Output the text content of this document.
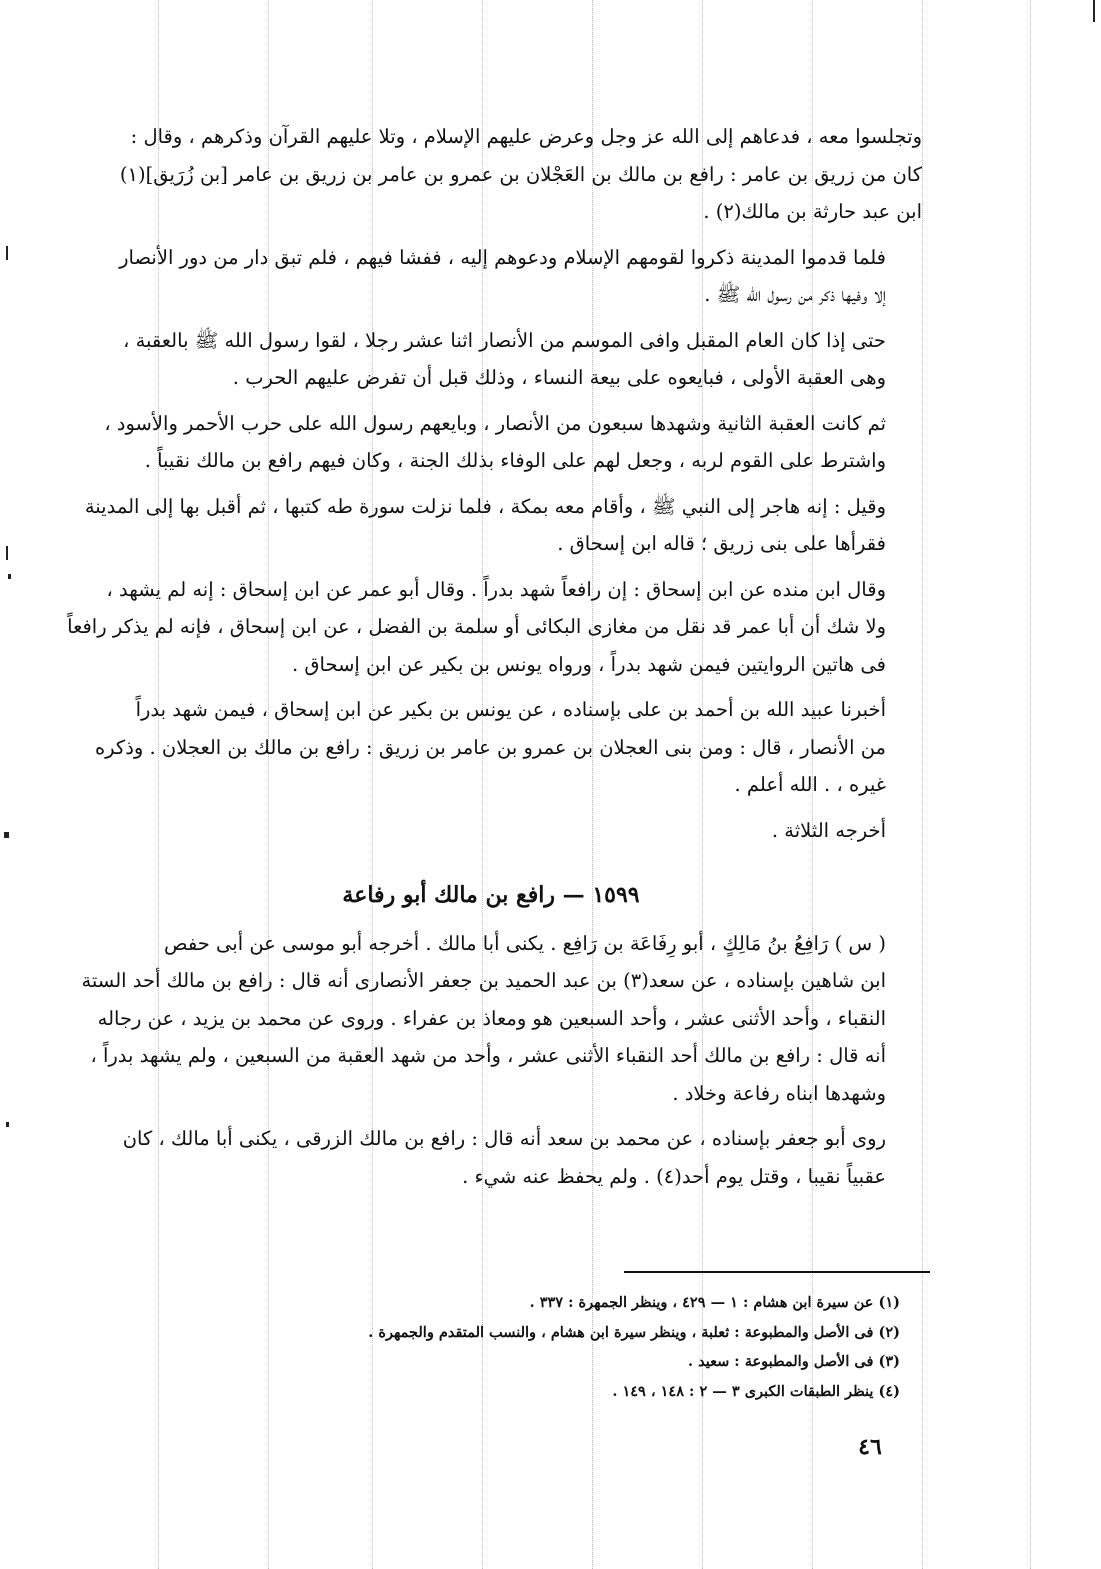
وتجلسوا معه ، فدعاهم إلى الله عز وجل وعرض عليهم الإسلام ، وتلا عليهم القرآن وذكرهم ، وقال :
كان من زريق بن عامر : رافع بن مالك بن العَجْلان بن عمرو بن عامر بن زريق بن عامر [بن زُرَيق](١)
ابن عبد حارثة بن مالك(٢) .

فلما قدموا المدينة ذكروا لقومهم الإسلام ودعوهم إليه ، ففشا فيهم ، فلم تبق دار من دور الأنصار
إلا وفيها ذكر من رسول الله ﷺ .

حتى إذا كان العام المقبل وافى الموسم من الأنصار اثنا عشر رجلا ، لقوا رسول الله ﷺ بالعقبة ،
وهى العقبة الأولى ، فبايعوه على بيعة النساء ، وذلك قبل أن تفرض عليهم الحرب .

ثم كانت العقبة الثانية وشهدها سبعون من الأنصار ، وبايعهم رسول الله على حرب الأحمر والأسود ،
واشترط على القوم لربه ، وجعل لهم على الوفاء بذلك الجنة ، وكان فيهم رافع بن مالك نقيباً .

وقيل : إنه هاجر إلى النبي ﷺ ، وأقام معه بمكة ، فلما نزلت سورة طه كتبها ، ثم أقبل بها إلى المدينة
فقرأها على بنى زريق ؛ قاله ابن إسحاق .

وقال ابن منده عن ابن إسحاق : إن رافعاً شهد بدراً . وقال أبو عمر عن ابن إسحاق : إنه لم يشهد ،
ولا شك أن أبا عمر قد نقل من مغازى البكائى أو سلمة بن الفضل ، عن ابن إسحاق ، فإنه لم يذكر رافعاً
فى هاتين الروايتين فيمن شهد بدراً ، ورواه يونس بن بكير عن ابن إسحاق .

أخبرنا عبيد الله بن أحمد بن على بإسناده ، عن يونس بن بكير عن ابن إسحاق ، فيمن شهد بدراً
من الأنصار ، قال : ومن بنى العجلان بن عمرو بن عامر بن زريق : رافع بن مالك بن العجلان . وذكره
غيره ، . الله أعلم .

أخرجه الثلاثة .

١٥٩٩ — رافع بن مالك أبو رفاعة

( س ) رَافِعُ بنُ مَالِكٍ ، أبو رِفَاعَة بن رَافِع . يكنى أبا مالك . أخرجه أبو موسى عن أبى حفص
ابن شاهين بإسناده ، عن سعد(٣) بن عبد الحميد بن جعفر الأنصارى أنه قال : رافع بن مالك أحد الستة
النقباء ، وأحد الأثنى عشر ، وأحد السبعين هو ومعاذ بن عفراء . وروى عن محمد بن يزيد ، عن رجاله
أنه قال : رافع بن مالك أحد النقباء الأثنى عشر ، وأحد من شهد العقبة من السبعين ، ولم يشهد بدراً ،
وشهدها ابناه رفاعة وخلاد .

روى أبو جعفر بإسناده ، عن محمد بن سعد أنه قال : رافع بن مالك الزرقى ، يكنى أبا مالك ، كان
عقبياً نقيبا ، وقتل يوم أحد(٤) . ولم يحفظ عنه شيء .

(١) عن سيرة ابن هشام : ١ — ٤٢٩ ، وينظر الجمهرة : ٣٣٧ .
(٢) فى الأصل والمطبوعة : ثعلبة ، وينظر سيرة ابن هشام ، والنسب المتقدم والجمهرة .
(٣) فى الأصل والمطبوعة : سعيد .
(٤) ينظر الطبقات الكبرى ٣ — ٢ : ١٤٨ ، ١٤٩ .
٤٦
